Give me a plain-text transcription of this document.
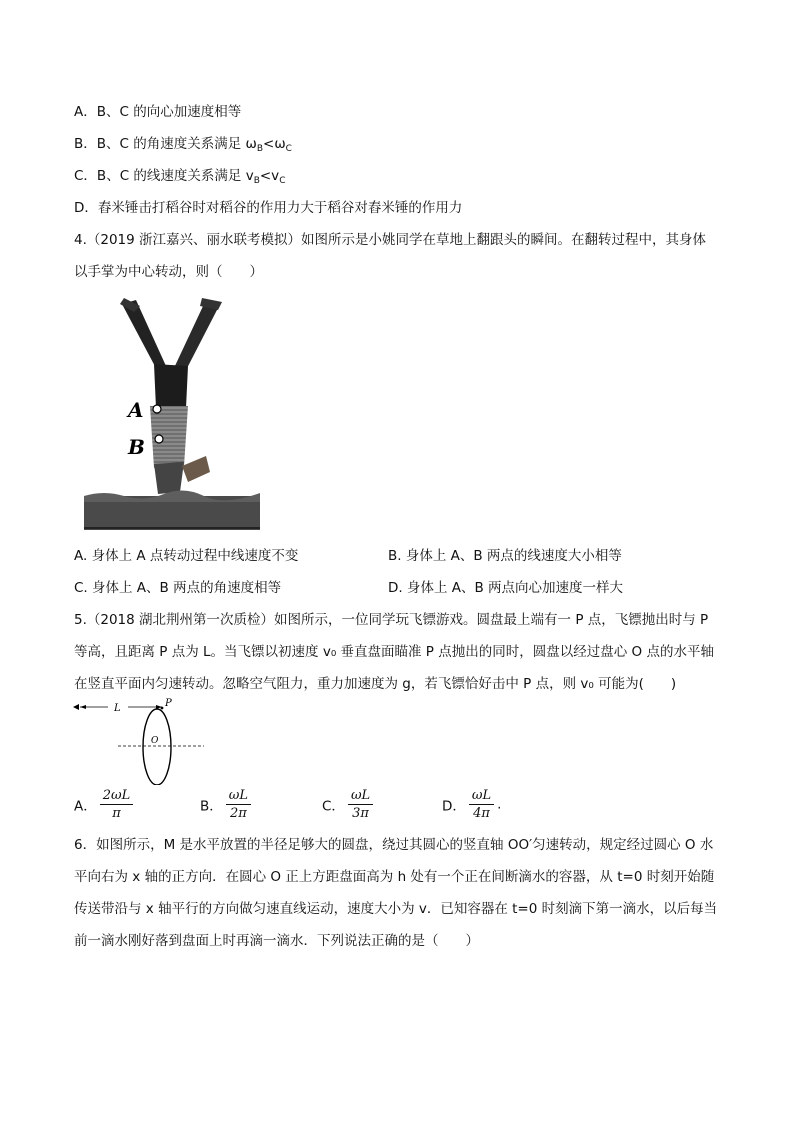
A．B、C 的向心加速度相等
B．B、C 的角速度关系满足 $\omega_B<\omega_C$
C．B、C 的线速度关系满足 $v_B<v_C$
D．舂米锤击打稻谷时对稻谷的作用力大于稻谷对舂米锤的作用力
4.（2019 浙江嘉兴、丽水联考模拟）如图所示是小姚同学在草地上翻跟头的瞬间。在翻转过程中，其身体
以手掌为中心转动，则（　　）
A
B
A. 身体上 A 点转动过程中线速度不变	B. 身体上 A、B 两点的线速度大小相等
C. 身体上 A、B 两点的角速度相等	D. 身体上 A、B 两点向心加速度一样大
5.（2018 湖北荆州第一次质检）如图所示，一位同学玩飞镖游戏。圆盘最上端有一 P 点，飞镖抛出时与 P
等高，且距离 P 点为 L。当飞镖以初速度 v₀ 垂直盘面瞄准 P 点抛出的同时，圆盘以经过盘心 O 点的水平轴
在竖直平面内匀速转动。忽略空气阻力，重力加速度为 g，若飞镖恰好击中 P 点，则 v₀ 可能为(　　)
L	P
O
A． $\frac{2\omega L}{\pi}$	B． $\frac{\omega L}{2\pi}$	C． $\frac{\omega L}{3\pi}$	D． $\frac{\omega L}{4\pi}$ .
6．如图所示，M 是水平放置的半径足够大的圆盘，绕过其圆心的竖直轴 OO′匀速转动，规定经过圆心 O 水
平向右为 x 轴的正方向．在圆心 O 正上方距盘面高为 h 处有一个正在间断滴水的容器，从 t=0 时刻开始随
传送带沿与 x 轴平行的方向做匀速直线运动，速度大小为 v．已知容器在 t=0 时刻滴下第一滴水，以后每当
前一滴水刚好落到盘面上时再滴一滴水．下列说法正确的是（　　）
